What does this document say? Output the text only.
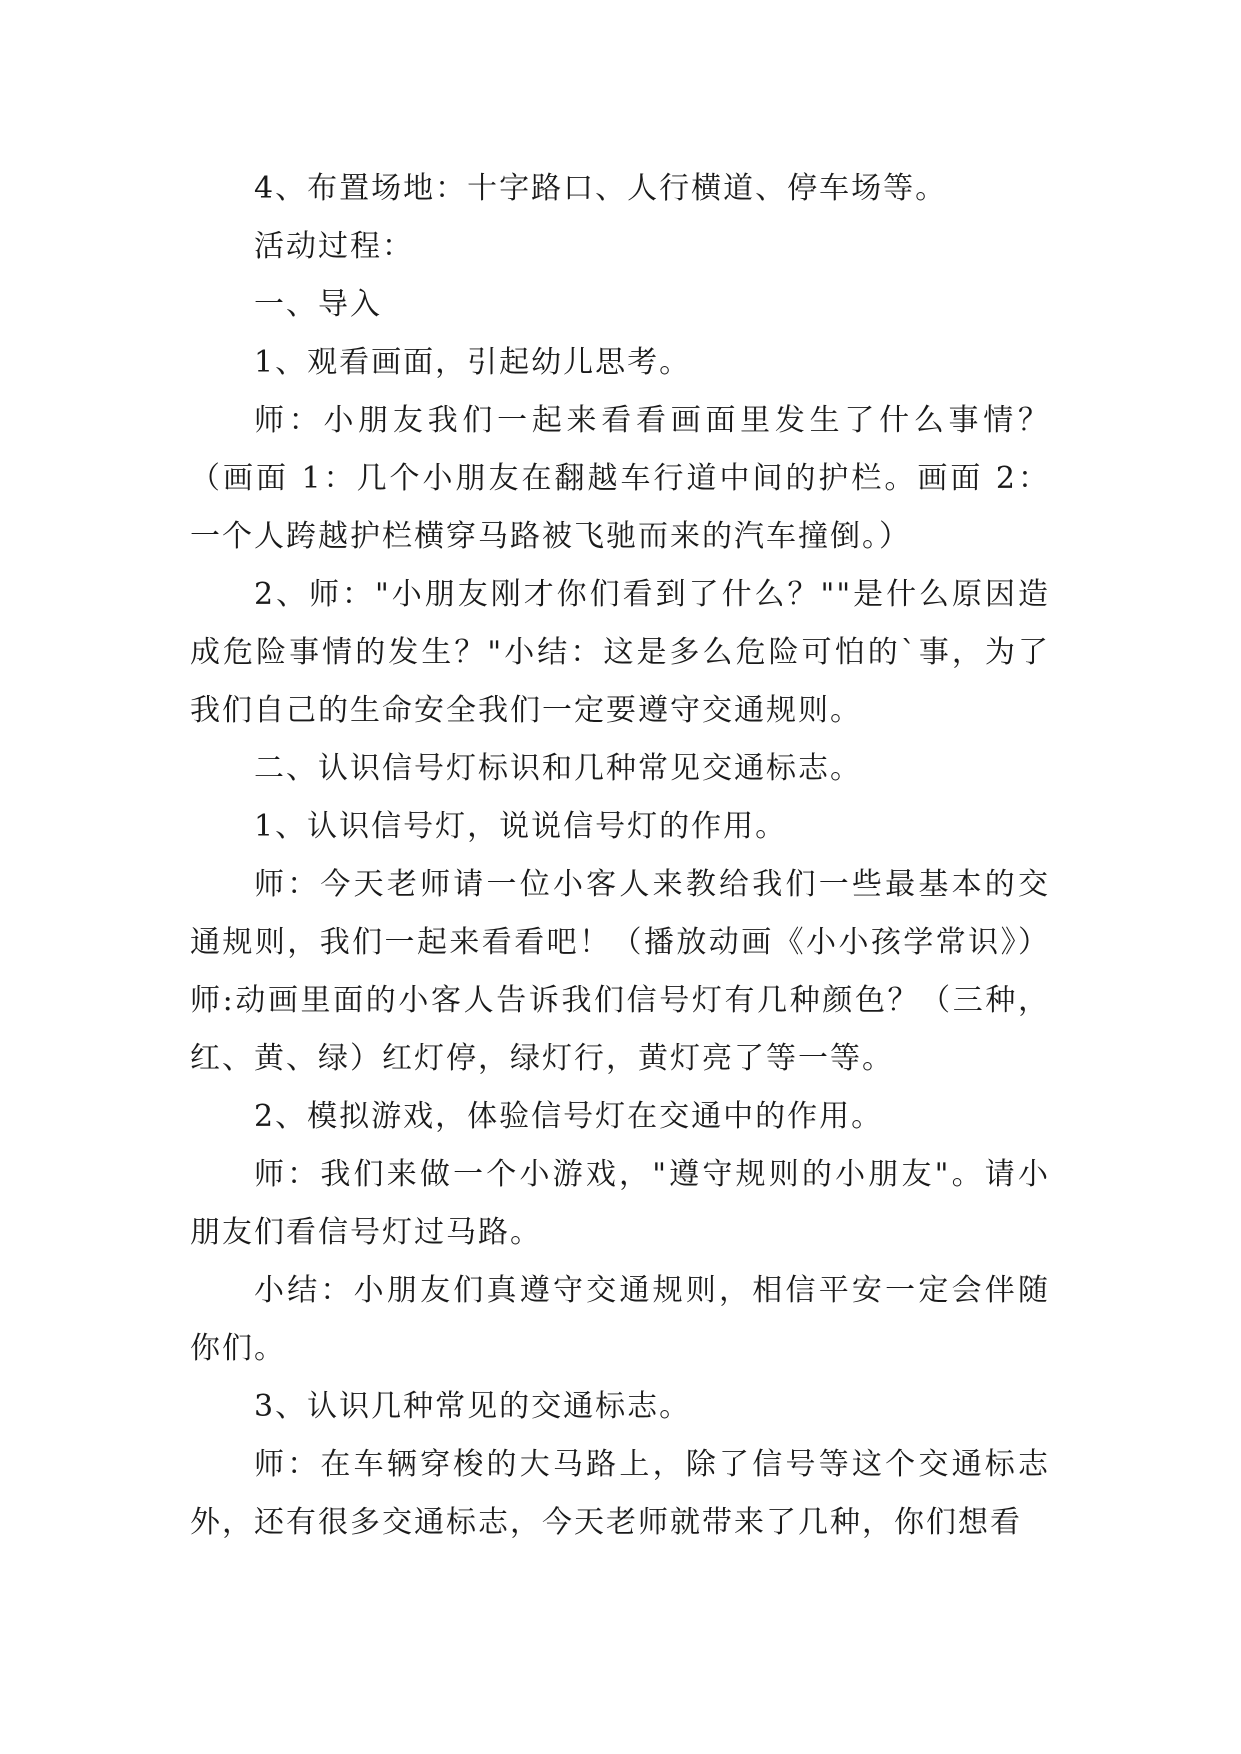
4、布置场地：十字路口、人行横道、停车场等。

活动过程：

一、导入

1、观看画面，引起幼儿思考。

师：小朋友我们一起来看看画面里发生了什么事情？（画面 1：几个小朋友在翻越车行道中间的护栏。画面 2：一个人跨越护栏横穿马路被飞驰而来的汽车撞倒。）

2、师："小朋友刚才你们看到了什么？""是什么原因造成危险事情的发生？"小结：这是多么危险可怕的`事，为了我们自己的生命安全我们一定要遵守交通规则。

二、认识信号灯标识和几种常见交通标志。

1、认识信号灯，说说信号灯的作用。

师：今天老师请一位小客人来教给我们一些最基本的交通规则，我们一起来看看吧！（播放动画《小小孩学常识》）师:动画里面的小客人告诉我们信号灯有几种颜色？（三种，红、黄、绿）红灯停，绿灯行，黄灯亮了等一等。

2、模拟游戏，体验信号灯在交通中的作用。

师：我们来做一个小游戏，"遵守规则的小朋友"。请小朋友们看信号灯过马路。

小结：小朋友们真遵守交通规则，相信平安一定会伴随你们。

3、认识几种常见的交通标志。

师：在车辆穿梭的大马路上，除了信号等这个交通标志外，还有很多交通标志，今天老师就带来了几种，你们想看
